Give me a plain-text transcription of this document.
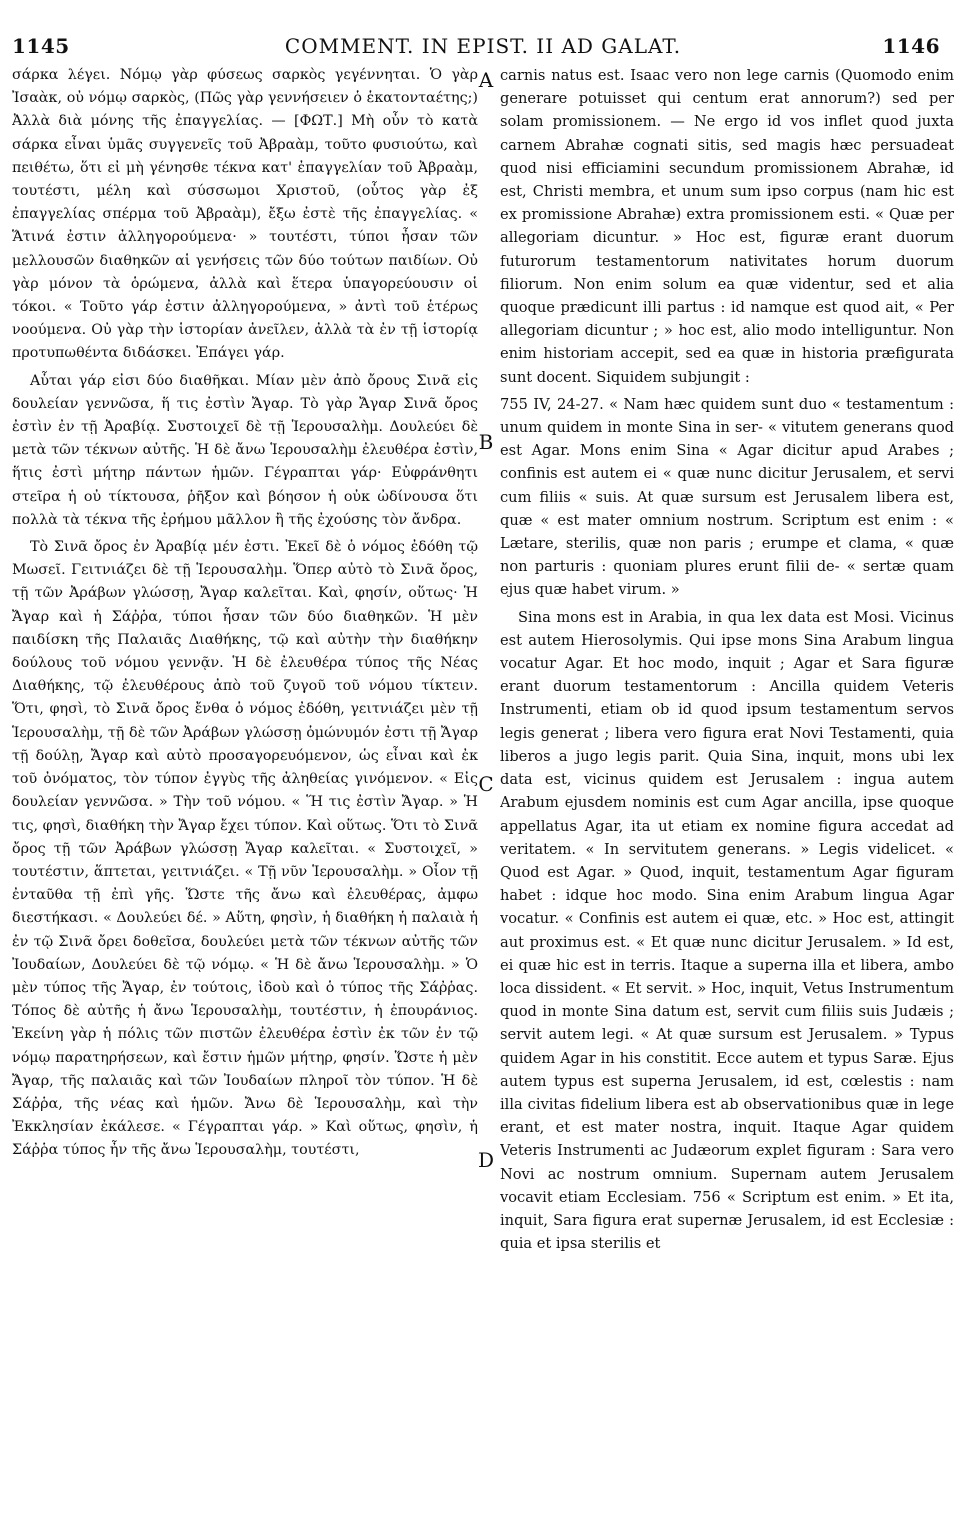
1145	COMMENT. IN EPIST. II AD GALAT.	1146

σάρκα λέγει. Νόμῳ γὰρ φύσεως σαρκὸς γεγέννηται. Ὁ γὰρ Ἰσαὰκ, οὐ νόμῳ σαρκὸς, (Πῶς γὰρ γεννήσειεν ὁ ἑκατονταέτης;) Ἀλλὰ διὰ μόνης τῆς ἐπαγγελίας. — [ΦΩΤ.] Μὴ οὖν τὸ κατὰ σάρκα εἶναι ὑμᾶς συγγενεῖς τοῦ Ἀβραὰμ, τοῦτο φυσιούτω, καὶ πειθέτω, ὅτι εἰ μὴ γένησθε τέκνα κατ' ἐπαγγελίαν τοῦ Ἀβραὰμ, τουτέστι, μέλη καὶ σύσσωμοι Χριστοῦ, (οὗτος γὰρ ἐξ ἐπαγγελίας σπέρμα τοῦ Ἀβραὰμ), ἔξω ἐστὲ τῆς ἐπαγγελίας. « Ἅτινά ἐστιν ἀλληγορούμενα· » τουτέστι, τύποι ἦσαν τῶν μελλουσῶν διαθηκῶν αἱ γενήσεις τῶν δύο τούτων παιδίων. Οὐ γὰρ μόνον τὰ ὁρώμενα, ἀλλὰ καὶ ἕτερα ὑπαγορεύουσιν οἱ τόκοι. « Τοῦτο γάρ ἐστιν ἀλληγορούμενα, » ἀντὶ τοῦ ἑτέρως νοούμενα. Οὐ γὰρ τὴν ἱστορίαν ἀνεῖλεν, ἀλλὰ τὰ ἐν τῇ ἱστορίᾳ προτυπωθέντα διδάσκει. Ἐπάγει γάρ.

Αὗται γάρ εἰσι δύο διαθῆκαι. Μίαν μὲν ἀπὸ ὄρους Σινᾶ εἰς δουλείαν γεννῶσα, ἥ τις ἐστὶν Ἄγαρ. Τὸ γὰρ Ἄγαρ Σινᾶ ὄρος ἐστὶν ἐν τῇ Ἀραβίᾳ. Συστοιχεῖ δὲ τῇ Ἱερουσαλὴμ. Δουλεύει δὲ μετὰ τῶν τέκνων αὐτῆς. Ἡ δὲ ἄνω Ἱερουσαλὴμ ἐλευθέρα ἐστὶν, ἥτις ἐστὶ μήτηρ πάντων ἡμῶν. Γέγραπται γάρ· Εὐφράνθητι στεῖρα ἡ οὐ τίκτουσα, ῥῆξον καὶ βόησον ἡ οὐκ ὠδίνουσα ὅτι πολλὰ τὰ τέκνα τῆς ἐρήμου μᾶλλον ἢ τῆς ἐχούσης τὸν ἄνδρα.

Τὸ Σινᾶ ὄρος ἐν Ἀραβίᾳ μέν ἐστι. Ἐκεῖ δὲ ὁ νόμος ἐδόθη τῷ Μωσεῖ. Γειτνιάζει δὲ τῇ Ἱερουσαλὴμ. Ὅπερ αὐτὸ τὸ Σινᾶ ὄρος, τῇ τῶν Ἀράβων γλώσσῃ, Ἄγαρ καλεῖται. Καὶ, φησίν, οὕτως· Ἡ Ἄγαρ καὶ ἡ Σάῤῥα, τύποι ἦσαν τῶν δύο διαθηκῶν. Ἡ μὲν παιδίσκη τῆς Παλαιᾶς Διαθήκης, τῷ καὶ αὐτὴν τὴν διαθήκην δούλους τοῦ νόμου γεννᾷν. Ἡ δὲ ἐλευθέρα τύπος τῆς Νέας Διαθήκης, τῷ ἐλευθέρους ἀπὸ τοῦ ζυγοῦ τοῦ νόμου τίκτειν. Ὅτι, φησὶ, τὸ Σινᾶ ὄρος ἔνθα ὁ νόμος ἐδόθη, γειτνιάζει μὲν τῇ Ἱερουσαλὴμ, τῇ δὲ τῶν Ἀράβων γλώσσῃ ὁμώνυμόν ἐστι τῇ Ἄγαρ τῇ δούλῃ, Ἄγαρ καὶ αὐτὸ προσαγορευόμενον, ὡς εἶναι καὶ ἐκ τοῦ ὀνόματος, τὸν τύπον ἐγγὺς τῆς ἀληθείας γινόμενον. « Εἰς δουλείαν γεννῶσα. » Τὴν τοῦ νόμου. « Ἥ τις ἐστὶν Ἄγαρ. » Ἡ τις, φησὶ, διαθήκη τὴν Ἄγαρ ἔχει τύπον. Καὶ οὕτως. Ὅτι τὸ Σινᾶ ὄρος τῇ τῶν Ἀράβων γλώσσῃ Ἄγαρ καλεῖται. « Συστοιχεῖ, » τουτέστιν, ἅπτεται, γειτνιάζει. « Τῇ νῦν Ἱερουσαλὴμ. » Οἷον τῇ ἐνταῦθα τῇ ἐπὶ γῆς. Ὥστε τῆς ἄνω καὶ ἐλευθέρας, ἀμφω διεστήκασι. « Δουλεύει δέ. » Αὕτη, φησὶν, ἡ διαθήκη ἡ παλαιὰ ἡ ἐν τῷ Σινᾶ ὄρει δοθεῖσα, δουλεύει μετὰ τῶν τέκνων αὐτῆς τῶν Ἰουδαίων, Δουλεύει δὲ τῷ νόμῳ. « Ἡ δὲ ἄνω Ἱερουσαλὴμ. » Ὁ μὲν τύπος τῆς Ἄγαρ, ἐν τούτοις, ἰδοὺ καὶ ὁ τύπος τῆς Σάῤῥας. Τόπος δὲ αὐτῆς ἡ ἄνω Ἱερουσαλὴμ, τουτέστιν, ἡ ἐπουράνιος. Ἐκείνη γὰρ ἡ πόλις τῶν πιστῶν ἐλευθέρα ἐστὶν ἐκ τῶν ἐν τῷ νόμῳ παρατηρήσεων, καὶ ἔστιν ἡμῶν μήτηρ, φησίν. Ὥστε ἡ μὲν Ἄγαρ, τῆς παλαιᾶς καὶ τῶν Ἰουδαίων πληροῖ τὸν τύπον. Ἡ δὲ Σάῤῥα, τῆς νέας καὶ ἡμῶν. Ἄνω δὲ Ἱερουσαλὴμ, καὶ τὴν Ἐκκλησίαν ἐκάλεσε. « Γέγραπται γάρ. » Καὶ οὕτως, φησὶν, ἡ Σάῤῥα τύπος ἦν τῆς ἄνω Ἱερουσαλὴμ, τουτέστι,

A
B
C
D

carnis natus est. Isaac vero non lege carnis (Quomodo enim generare potuisset qui centum erat annorum?) sed per solam promissionem. — Ne ergo id vos inflet quod juxta carnem Abrahæ cognati sitis, sed magis hæc persuadeat quod nisi efficiamini secundum promissionem Abrahæ, id est, Christi membra, et unum sum ipso corpus (nam hic est ex promissione Abrahæ) extra promissionem esti. « Quæ per allegoriam dicuntur. » Hoc est, figuræ erant duorum futurorum testamentorum nativitates horum duorum filiorum. Non enim solum ea quæ videntur, sed et alia quoque prædicunt illi partus : id namque est quod ait, « Per allegoriam dicuntur ; » hoc est, alio modo intelliguntur. Non enim historiam accepit, sed ea quæ in historia præfigurata sunt docent. Siquidem subjungit :

755 IV, 24-27. « Nam hæc quidem sunt duo « testamentum : unum quidem in monte Sina in ser- « vitutem generans quod est Agar. Mons enim Sina « Agar dicitur apud Arabes ; confinis est autem ei « quæ nunc dicitur Jerusalem, et servi cum filiis « suis. At quæ sursum est Jerusalem libera est, quæ « est mater omnium nostrum. Scriptum est enim : « Lætare, sterilis, quæ non paris ; erumpe et clama, « quæ non parturis : quoniam plures erunt filii de- « sertæ quam ejus quæ habet virum. »

Sina mons est in Arabia, in qua lex data est Mosi. Vicinus est autem Hierosolymis. Qui ipse mons Sina Arabum lingua vocatur Agar. Et hoc modo, inquit ; Agar et Sara figuræ erant duorum testamentorum : Ancilla quidem Veteris Instrumenti, etiam ob id quod ipsum testamentum servos legis generat ; libera vero figura erat Novi Testamenti, quia liberos a jugo legis parit. Quia Sina, inquit, mons ubi lex data est, vicinus quidem est Jerusalem : ingua autem Arabum ejusdem nominis est cum Agar ancilla, ipse quoque appellatus Agar, ita ut etiam ex nomine figura accedat ad veritatem. « In servitutem generans. » Legis videlicet. « Quod est Agar. » Quod, inquit, testamentum Agar figuram habet : idque hoc modo. Sina enim Arabum lingua Agar vocatur. « Confinis est autem ei quæ, etc. » Hoc est, attingit aut proximus est. « Et quæ nunc dicitur Jerusalem. » Id est, ei quæ hic est in terris. Itaque a superna illa et libera, ambo loca dissident. « Et servit. » Hoc, inquit, Vetus Instrumentum quod in monte Sina datum est, servit cum filiis suis Judæis ; servit autem legi. « At quæ sursum est Jerusalem. » Typus quidem Agar in his constitit. Ecce autem et typus Saræ. Ejus autem typus est superna Jerusalem, id est, cœlestis : nam illa civitas fidelium libera est ab observationibus quæ in lege erant, et est mater nostra, inquit. Itaque Agar quidem Veteris Instrumenti ac Judæorum explet figuram : Sara vero Novi ac nostrum omnium. Supernam autem Jerusalem vocavit etiam Ecclesiam. 756 « Scriptum est enim. » Et ita, inquit, Sara figura erat supernæ Jerusalem, id est Ecclesiæ : quia et ipsa sterilis et
